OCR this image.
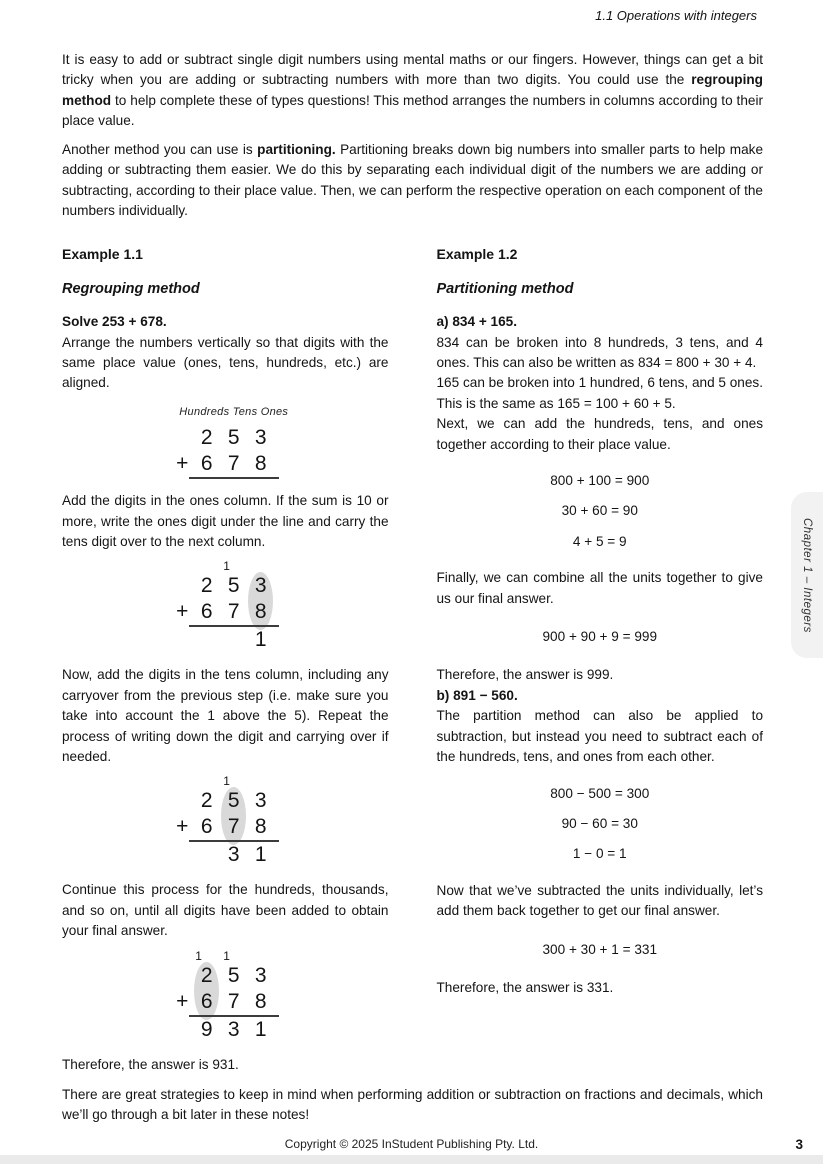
1.1 Operations with integers

It is easy to add or subtract single digit numbers using mental maths or our fingers. However, things can get a bit tricky when you are adding or subtracting numbers with more than two digits. You could use the regrouping method to help complete these of types questions! This method arranges the numbers in columns according to their place value.

Another method you can use is partitioning. Partitioning breaks down big numbers into smaller parts to help make adding or subtracting them easier. We do this by separating each individual digit of the numbers we are adding or subtracting, according to their place value. Then, we can perform the respective operation on each component of the numbers individually.

Example 1.1

Regrouping method

Solve 253 + 678.

Arrange the numbers vertically so that digits with the same place value (ones, tens, hundreds, etc.) are aligned.

Hundreds Tens Ones
2 5 3
+ 6 7 8

Add the digits in the ones column. If the sum is 10 or more, write the ones digit under the line and carry the tens digit over to the next column.

1
2 5 3
+ 6 7 8
1

Now, add the digits in the tens column, including any carryover from the previous step (i.e. make sure you take into account the 1 above the 5). Repeat the process of writing down the digit and carrying over if needed.

1
2 5 3
+ 6 7 8
3 1

Continue this process for the hundreds, thousands, and so on, until all digits have been added to obtain your final answer.

1	1
2 5 3
+ 6 7 8
9 3 1

Therefore, the answer is 931.

Example 1.2

Partitioning method

a) 834 + 165.

834 can be broken into 8 hundreds, 3 tens, and 4 ones. This can also be written as 834 = 800 + 30 + 4.

165 can be broken into 1 hundred, 6 tens, and 5 ones. This is the same as 165 = 100 + 60 + 5.

Next, we can add the hundreds, tens, and ones together according to their place value.

800 + 100 = 900

30 + 60 = 90

4 + 5 = 9

Finally, we can combine all the units together to give us our final answer.

900 + 90 + 9 = 999

Therefore, the answer is 999.

b) 891 − 560.

The partition method can also be applied to subtraction, but instead you need to subtract each of the hundreds, tens, and ones from each other.

800 − 500 = 300

90 − 60 = 30

1 − 0 = 1

Now that we’ve subtracted the units individually, let’s add them back together to get our final answer.

300 + 30 + 1 = 331

Therefore, the answer is 331.

There are great strategies to keep in mind when performing addition or subtraction on fractions and decimals, which we’ll go through a bit later in these notes!

Chapter 1 – Integers
Copyright © 2025 InStudent Publishing Pty. Ltd.	3
